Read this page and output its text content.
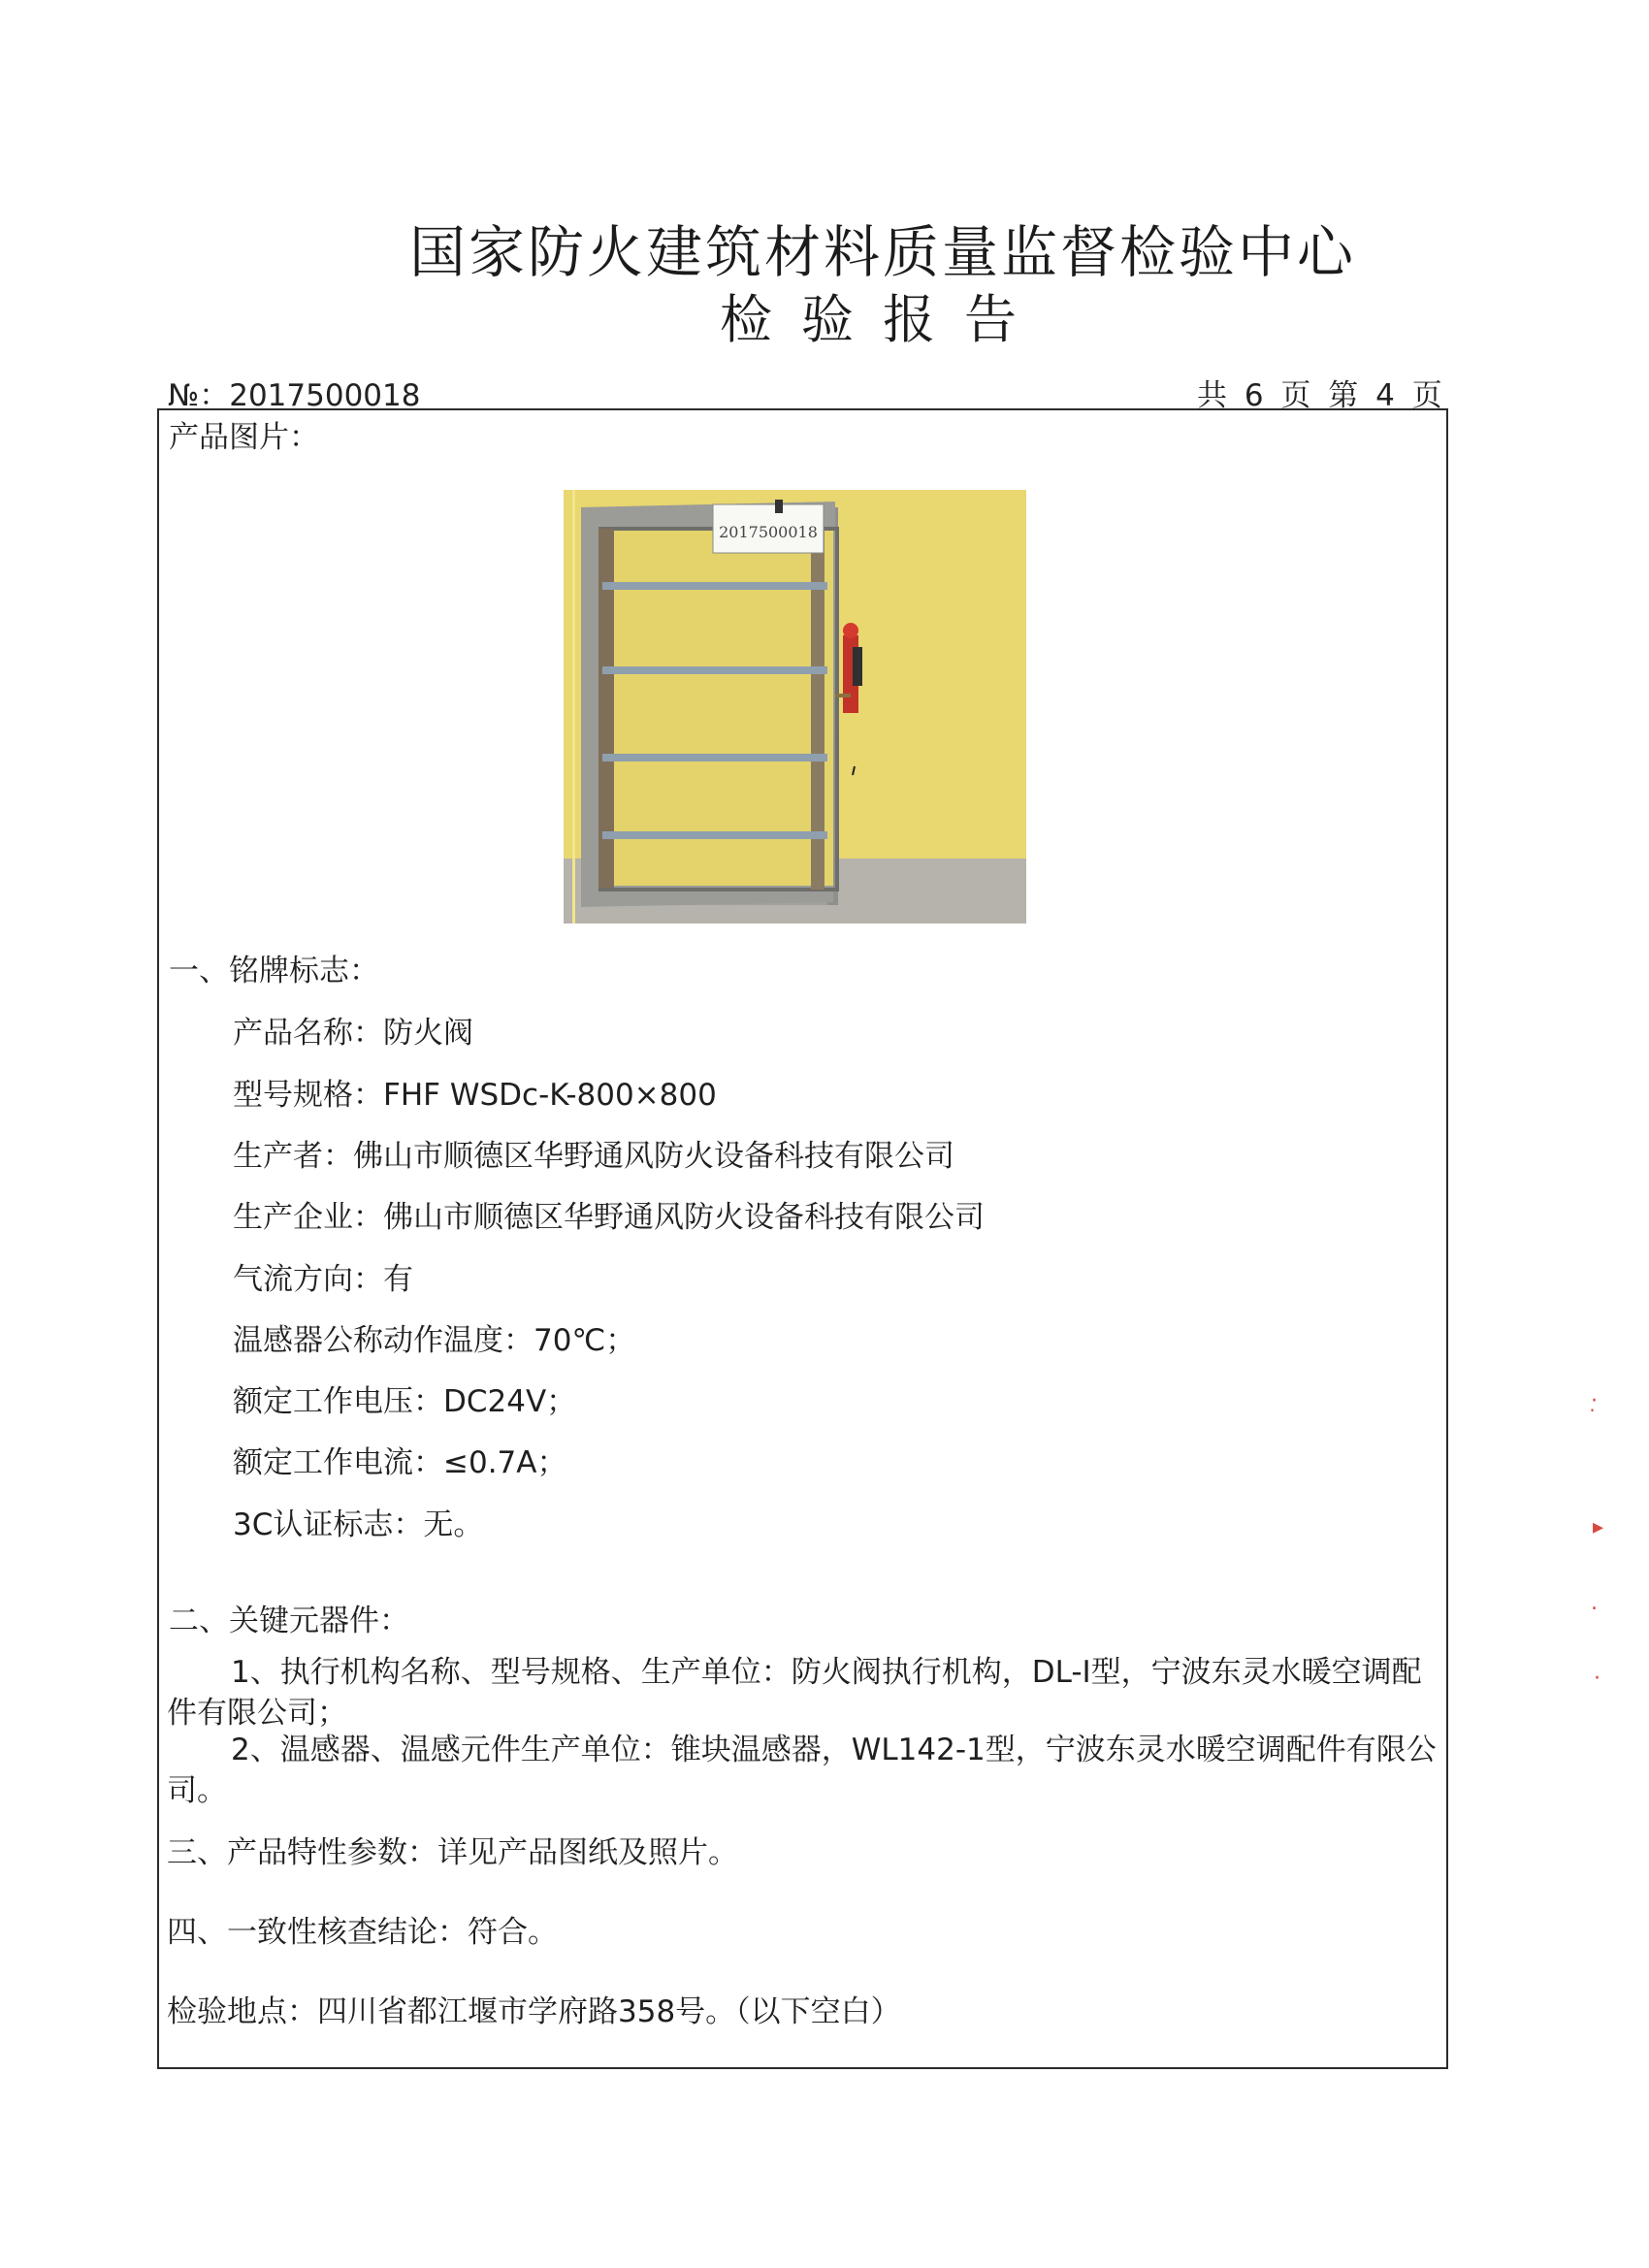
国家防火建筑材料质量监督检验中心
检验报告
№：2017500018	共 6 页 第 4 页
产品图片：
2017500018
一、铭牌标志：
产品名称：防火阀
型号规格：FHF WSDc-K-800×800
生产者：佛山市顺德区华野通风防火设备科技有限公司
生产企业：佛山市顺德区华野通风防火设备科技有限公司
气流方向：有
温感器公称动作温度：70℃；
额定工作电压：DC24V；
额定工作电流：≤0.7A；
3C认证标志：无。
二、关键元器件：
1、执行机构名称、型号规格、生产单位：防火阀执行机构，DL-Ⅰ型，宁波东灵水暖空调配件有限公司；
2、温感器、温感元件生产单位：锥块温感器，WL142-1型，宁波东灵水暖空调配件有限公司。
三、产品特性参数：详见产品图纸及照片。
四、一致性核查结论：符合。
检验地点：四川省都江堰市学府路358号。（以下空白）
·̣
▸
.
·
